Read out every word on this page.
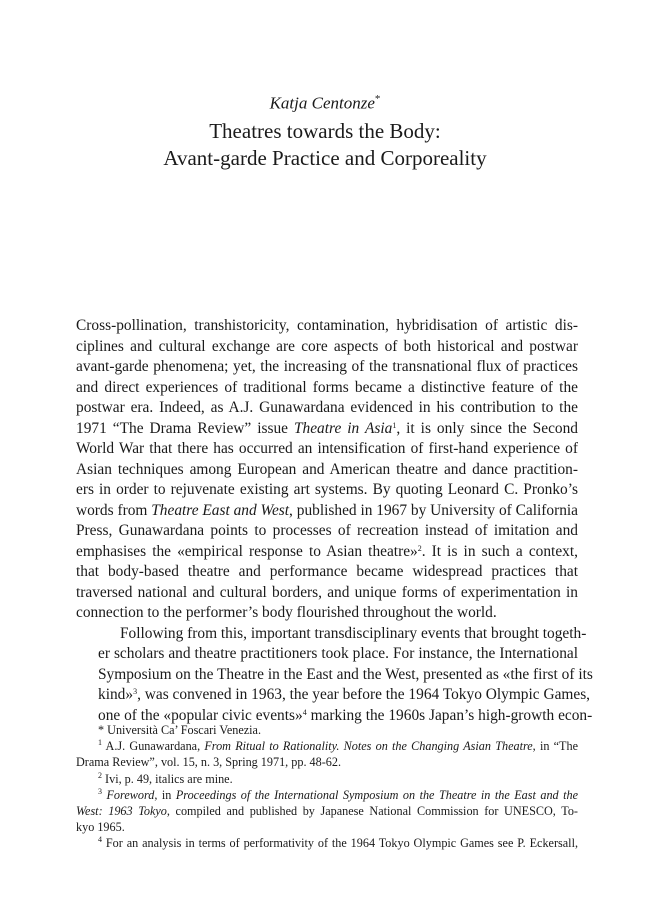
Katja Centonze*
Theatres towards the Body:
Avant-garde Practice and Corporeality

Cross-pollination, transhistoricity, contamination, hybridisation of artistic dis-
ciplines and cultural exchange are core aspects of both historical and postwar
avant-garde phenomena; yet, the increasing of the transnational flux of practices
and direct experiences of traditional forms became a distinctive feature of the
postwar era. Indeed, as A.J. Gunawardana evidenced in his contribution to the
1971 “The Drama Review” issue Theatre in Asia$^1$, it is only since the Second
World War that there has occurred an intensification of first-hand experience of
Asian techniques among European and American theatre and dance practition-
ers in order to rejuvenate existing art systems. By quoting Leonard C. Pronko’s
words from Theatre East and West, published in 1967 by University of California
Press, Gunawardana points to processes of recreation instead of imitation and
emphasises the «empirical response to Asian theatre»$^2$. It is in such a context,
that body-based theatre and performance became widespread practices that
traversed national and cultural borders, and unique forms of experimentation in
connection to the performer’s body flourished throughout the world.

Following from this, important transdisciplinary events that brought togeth-
er scholars and theatre practitioners took place. For instance, the International
Symposium on the Theatre in the East and the West, presented as «the first of its
kind»$^3$, was convened in 1963, the year before the 1964 Tokyo Olympic Games,
one of the «popular civic events»$^4$ marking the 1960s Japan’s high-growth econ-

* Università Ca’ Foscari Venezia.
$^1$ A.J. Gunawardana, From Ritual to Rationality. Notes on the Changing Asian Theatre, in “The
Drama Review”, vol. 15, n. 3, Spring 1971, pp. 48-62.
$^2$ Ivi, p. 49, italics are mine.
$^3$ Foreword, in Proceedings of the International Symposium on the Theatre in the East and the
West: 1963 Tokyo, compiled and published by Japanese National Commission for UNESCO, To-
kyo 1965.
$^4$ For an analysis in terms of performativity of the 1964 Tokyo Olympic Games see P. Eckersall,
